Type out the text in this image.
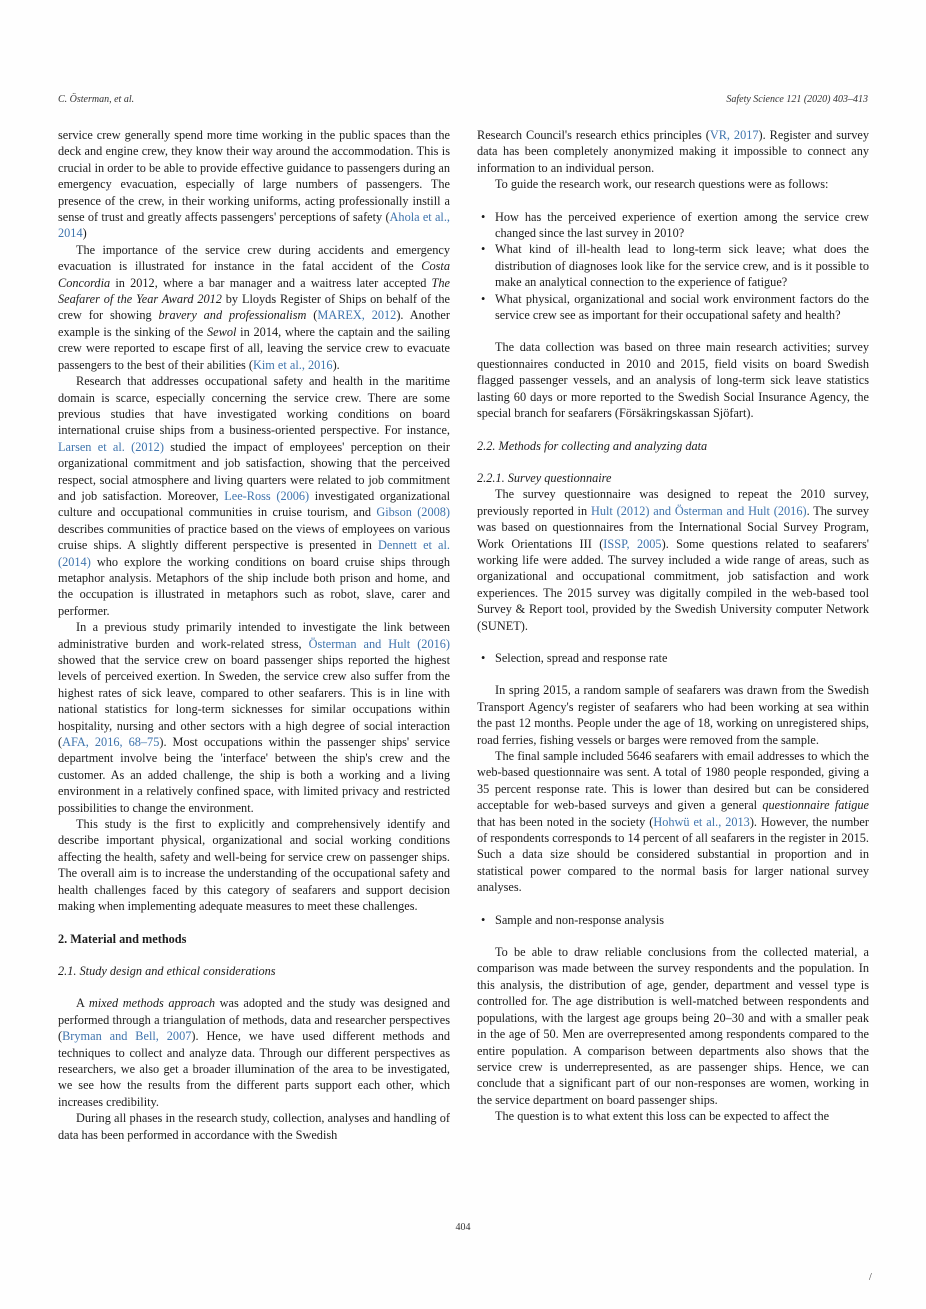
C. Österman, et al.	Safety Science 121 (2020) 403–413

service crew generally spend more time working in the public spaces than the deck and engine crew, they know their way around the accommodation. This is crucial in order to be able to provide effective guidance to passengers during an emergency evacuation, especially of large numbers of passengers. The presence of the crew, in their working uniforms, acting professionally instill a sense of trust and greatly affects passengers' perceptions of safety (Ahola et al., 2014)

The importance of the service crew during accidents and emergency evacuation is illustrated for instance in the fatal accident of the Costa Concordia in 2012, where a bar manager and a waitress later accepted The Seafarer of the Year Award 2012 by Lloyds Register of Ships on behalf of the crew for showing bravery and professionalism (MAREX, 2012). Another example is the sinking of the Sewol in 2014, where the captain and the sailing crew were reported to escape first of all, leaving the service crew to evacuate passengers to the best of their abilities (Kim et al., 2016).

Research that addresses occupational safety and health in the maritime domain is scarce, especially concerning the service crew. There are some previous studies that have investigated working conditions on board international cruise ships from a business-oriented perspective. For instance, Larsen et al. (2012) studied the impact of employees' perception on their organizational commitment and job satisfaction, showing that the perceived respect, social atmosphere and living quarters were related to job commitment and job satisfaction. Moreover, Lee-Ross (2006) investigated organizational culture and occupational communities in cruise tourism, and Gibson (2008) describes communities of practice based on the views of employees on various cruise ships. A slightly different perspective is presented in Dennett et al. (2014) who explore the working conditions on board cruise ships through metaphor analysis. Metaphors of the ship include both prison and home, and the occupation is illustrated in metaphors such as robot, slave, carer and performer.

In a previous study primarily intended to investigate the link between administrative burden and work-related stress, Österman and Hult (2016) showed that the service crew on board passenger ships reported the highest levels of perceived exertion. In Sweden, the service crew also suffer from the highest rates of sick leave, compared to other seafarers. This is in line with national statistics for long-term sicknesses for similar occupations within hospitality, nursing and other sectors with a high degree of social interaction (AFA, 2016, 68–75). Most occupations within the passenger ships' service department involve being the 'interface' between the ship's crew and the customer. As an added challenge, the ship is both a working and a living environment in a relatively confined space, with limited privacy and restricted possibilities to change the environment.

This study is the first to explicitly and comprehensively identify and describe important physical, organizational and social working conditions affecting the health, safety and well-being for service crew on passenger ships. The overall aim is to increase the understanding of the occupational safety and health challenges faced by this category of seafarers and support decision making when implementing adequate measures to meet these challenges.

2. Material and methods
2.1. Study design and ethical considerations

A mixed methods approach was adopted and the study was designed and performed through a triangulation of methods, data and researcher perspectives (Bryman and Bell, 2007). Hence, we have used different methods and techniques to collect and analyze data. Through our different perspectives as researchers, we also get a broader illumination of the area to be investigated, we see how the results from the different parts support each other, which increases credibility.

During all phases in the research study, collection, analyses and handling of data has been performed in accordance with the Swedish

Research Council's research ethics principles (VR, 2017). Register and survey data has been completely anonymized making it impossible to connect any information to an individual person.

To guide the research work, our research questions were as follows:

• How has the perceived experience of exertion among the service crew changed since the last survey in 2010?
• What kind of ill-health lead to long-term sick leave; what does the distribution of diagnoses look like for the service crew, and is it possible to make an analytical connection to the experience of fatigue?
• What physical, organizational and social work environment factors do the service crew see as important for their occupational safety and health?

The data collection was based on three main research activities; survey questionnaires conducted in 2010 and 2015, field visits on board Swedish flagged passenger vessels, and an analysis of long-term sick leave statistics lasting 60 days or more reported to the Swedish Social Insurance Agency, the special branch for seafarers (Försäkringskassan Sjöfart).

2.2. Methods for collecting and analyzing data
2.2.1. Survey questionnaire

The survey questionnaire was designed to repeat the 2010 survey, previously reported in Hult (2012) and Österman and Hult (2016). The survey was based on questionnaires from the International Social Survey Program, Work Orientations III (ISSP, 2005). Some questions related to seafarers' working life were added. The survey included a wide range of areas, such as organizational and occupational commitment, job satisfaction and work experiences. The 2015 survey was digitally compiled in the web-based tool Survey & Report tool, provided by the Swedish University computer Network (SUNET).

• Selection, spread and response rate

In spring 2015, a random sample of seafarers was drawn from the Swedish Transport Agency's register of seafarers who had been working at sea within the past 12 months. People under the age of 18, working on unregistered ships, road ferries, fishing vessels or barges were removed from the sample.

The final sample included 5646 seafarers with email addresses to which the web-based questionnaire was sent. A total of 1980 people responded, giving a 35 percent response rate. This is lower than desired but can be considered acceptable for web-based surveys and given a general questionnaire fatigue that has been noted in the society (Hohwü et al., 2013). However, the number of respondents corresponds to 14 percent of all seafarers in the register in 2015. Such a data size should be considered substantial in proportion and in statistical power compared to the normal basis for larger national survey analyses.

• Sample and non-response analysis

To be able to draw reliable conclusions from the collected material, a comparison was made between the survey respondents and the population. In this analysis, the distribution of age, gender, department and vessel type is controlled for. The age distribution is well-matched between respondents and populations, with the largest age groups being 20–30 and with a smaller peak in the age of 50. Men are overrepresented among respondents compared to the entire population. A comparison between departments also shows that the service crew is underrepresented, as are passenger ships. Hence, we can conclude that a significant part of our non-responses are women, working in the service department on board passenger ships.

The question is to what extent this loss can be expected to affect the

404
/
